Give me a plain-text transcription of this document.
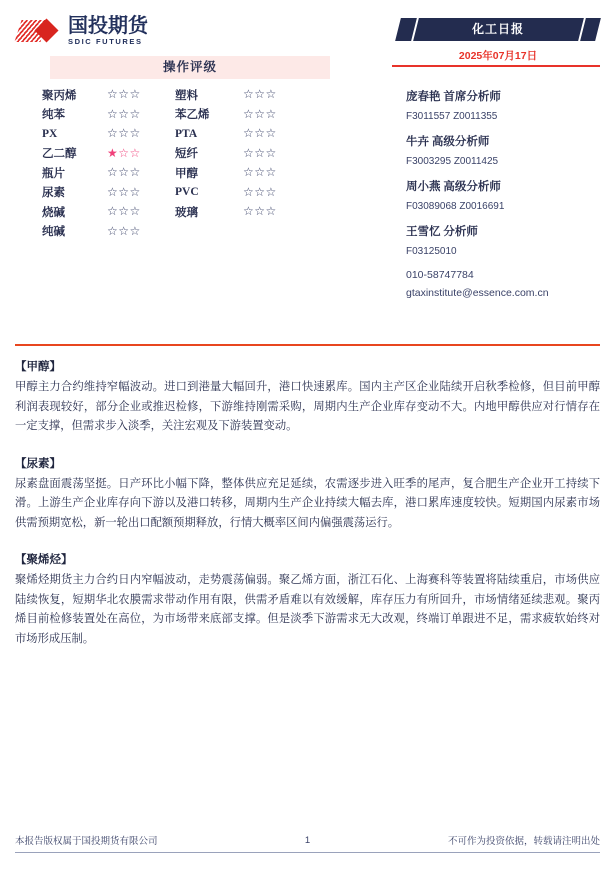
国投期货
SDIC FUTURES
化工日报
2025年07月17日
操作评级
聚丙烯	☆☆☆	塑料	☆☆☆
纯苯	☆☆☆	苯乙烯	☆☆☆
PX	☆☆☆	PTA	☆☆☆
乙二醇	★☆☆	短纤	☆☆☆
瓶片	☆☆☆	甲醇	☆☆☆
尿素	☆☆☆	PVC	☆☆☆
烧碱	☆☆☆	玻璃	☆☆☆
纯碱	☆☆☆
庞春艳 首席分析师
F3011557 Z0011355
牛卉 高级分析师
F3003295 Z0011425
周小燕 高级分析师
F03089068 Z0016691
王雪忆 分析师
F03125010
010-58747784
gtaxinstitute@essence.com.cn
【甲醇】
甲醇主力合约维持窄幅波动。进口到港量大幅回升，港口快速累库。国内主产区企业陆续开启秋季检修，但目前甲醇利润表现较好，部分企业或推迟检修，下游维持刚需采购，周期内生产企业库存变动不大。内地甲醇供应对行情存在一定支撑，但需求步入淡季，关注宏观及下游装置变动。
【尿素】
尿素盘面震荡坚挺。日产环比小幅下降，整体供应充足延续，农需逐步进入旺季的尾声，复合肥生产企业开工持续下滑。上游生产企业库存向下游以及港口转移，周期内生产企业持续大幅去库，港口累库速度较快。短期国内尿素市场供需预期宽松，新一轮出口配额预期释放，行情大概率区间内偏强震荡运行。
【聚烯烃】
聚烯烃期货主力合约日内窄幅波动，走势震荡偏弱。聚乙烯方面，浙江石化、上海赛科等装置将陆续重启，市场供应陆续恢复，短期华北农膜需求带动作用有限，供需矛盾难以有效缓解，库存压力有所回升，市场情绪延续悲观。聚丙烯目前检修装置处在高位，为市场带来底部支撑。但是淡季下游需求无大改观，终端订单跟进不足，需求疲软始终对市场形成压制。
本报告版权属于国投期货有限公司	1	不可作为投资依据，转载请注明出处
